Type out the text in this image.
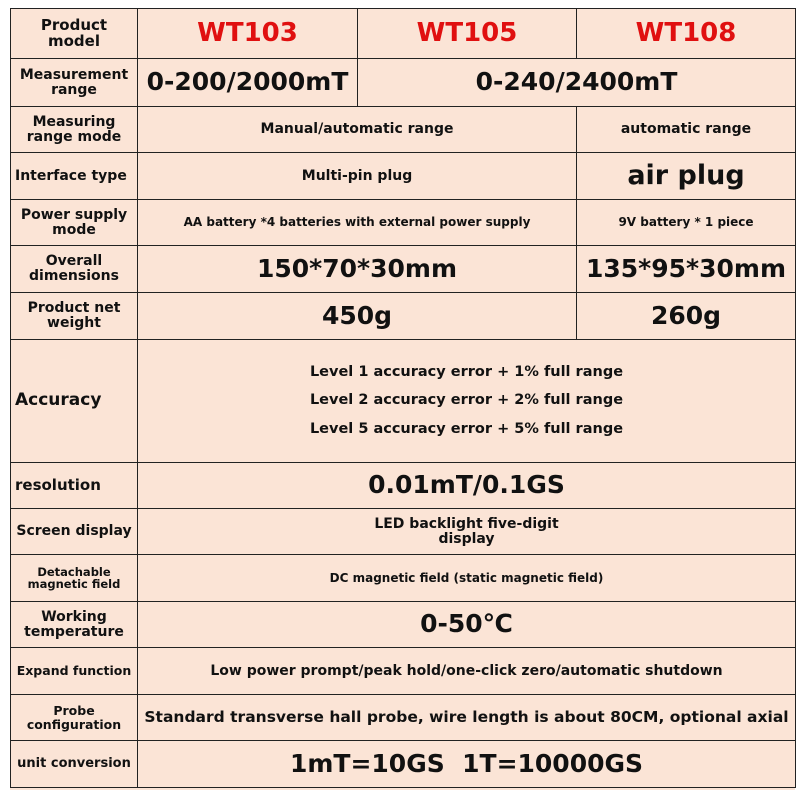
Product model	WT103	WT105	WT108
Measurement range	0-200/2000mT	0-240/2400mT	
Measuring range mode	Manual/automatic range		automatic range
Interface type	Multi-pin plug		air plug
Power supply mode	AA battery *4 batteries with external power supply		9V battery * 1 piece
Overall dimensions	150*70*30mm		135*95*30mm
Product net weight	450g		260g
Accuracy	Level 1 accuracy error + 1% full range
Level 2 accuracy error + 2% full range
Level 5 accuracy error + 5% full range		

resolution	0.01mT/0.1GS		
Screen display	LED backlight five-digit display		

Detachable magnetic field	DC magnetic field (static magnetic field)		
Working temperature	0-50℃		
Expand function	Low power prompt/peak hold/one-click zero/automatic shutdown		
Probe configuration	Standard transverse hall probe, wire length is about 80CM, optional axial		
unit conversion	1mT=10GS  1T=10000GS		
